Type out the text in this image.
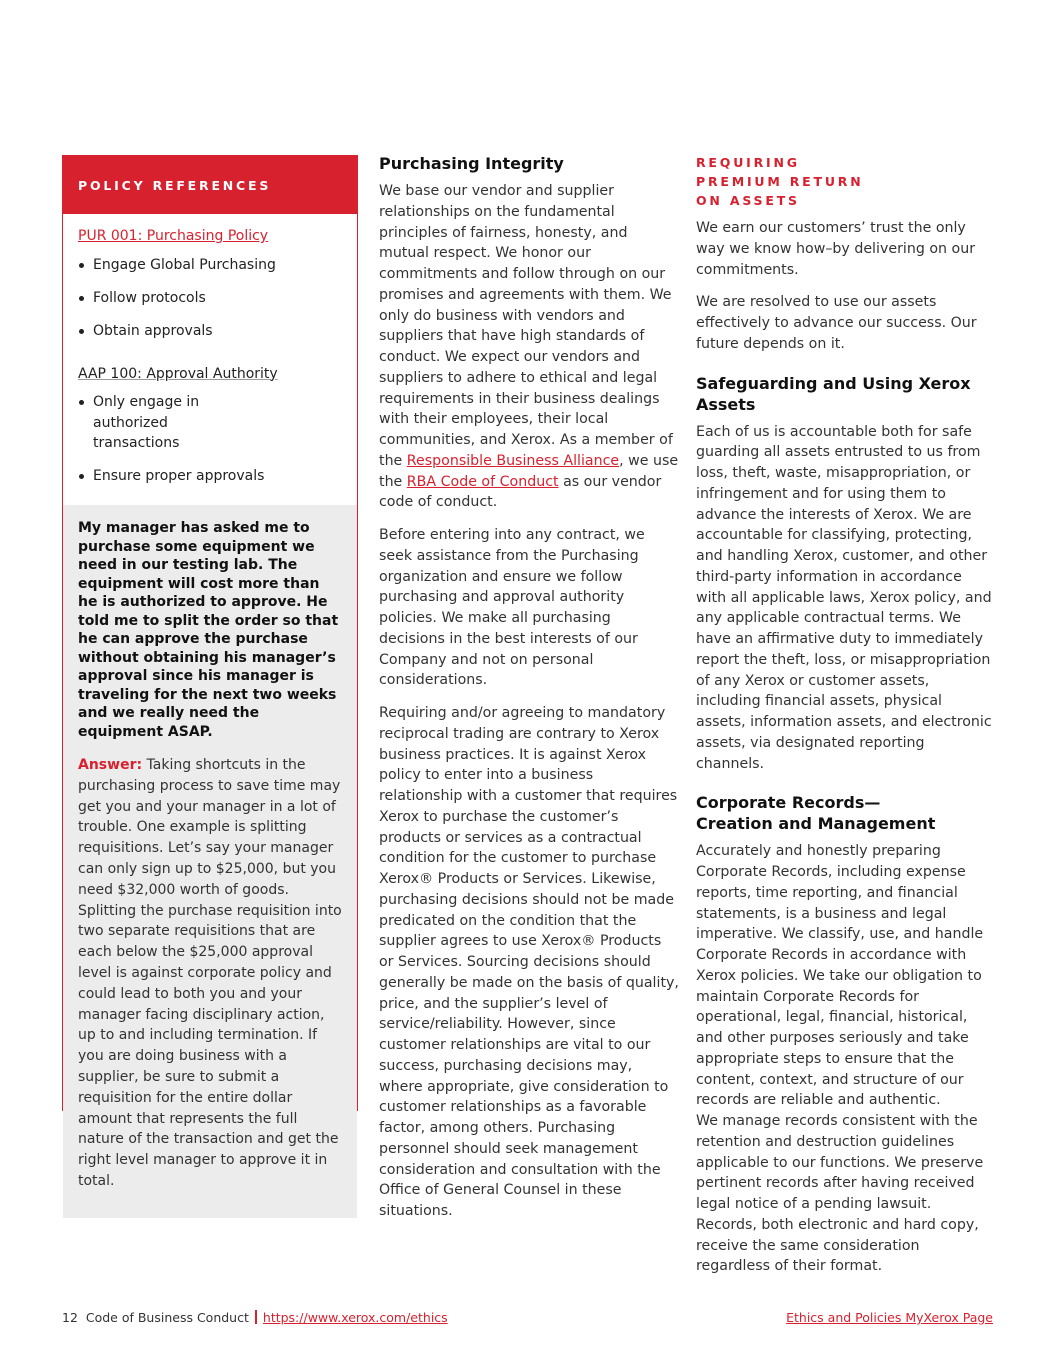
POLICY REFERENCES
PUR 001: Purchasing Policy
Engage Global Purchasing
Follow protocols
Obtain approvals
AAP 100: Approval Authority
Only engage in authorized transactions
Ensure proper approvals

My manager has asked me to purchase some equipment we need in our testing lab. The equipment will cost more than he is authorized to approve. He told me to split the order so that he can approve the purchase without obtaining his manager’s approval since his manager is traveling for the next two weeks and we really need the equipment ASAP.

Answer: Taking shortcuts in the purchasing process to save time may get you and your manager in a lot of trouble. One example is splitting requisitions. Let’s say your manager can only sign up to $25,000, but you need $32,000 worth of goods. Splitting the purchase requisition into two separate requisitions that are each below the $25,000 approval level is against corporate policy and could lead to both you and your manager facing disciplinary action, up to and including termination. If you are doing business with a supplier, be sure to submit a requisition for the entire dollar amount that represents the full nature of the transaction and get the right level manager to approve it in total.

Purchasing Integrity

We base our vendor and supplier relationships on the fundamental principles of fairness, honesty, and mutual respect. We honor our commitments and follow through on our promises and agreements with them. We only do business with vendors and suppliers that have high standards of conduct. We expect our vendors and suppliers to adhere to ethical and legal requirements in their business dealings with their employees, their local communities, and Xerox. As a member of the Responsible Business Alliance, we use the RBA Code of Conduct as our vendor code of conduct.

Before entering into any contract, we seek assistance from the Purchasing organization and ensure we follow purchasing and approval authority policies. We make all purchasing decisions in the best interests of our Company and not on personal considerations.

Requiring and/or agreeing to mandatory reciprocal trading are contrary to Xerox business practices. It is against Xerox policy to enter into a business relationship with a customer that requires Xerox to purchase the customer’s products or services as a contractual condition for the customer to purchase Xerox® Products or Services. Likewise, purchasing decisions should not be made predicated on the condition that the supplier agrees to use Xerox® Products or Services. Sourcing decisions should generally be made on the basis of quality, price, and the supplier’s level of service/reliability. However, since customer relationships are vital to our success, purchasing decisions may, where appropriate, give consideration to customer relationships as a favorable factor, among others. Purchasing personnel should seek management consideration and consultation with the Office of General Counsel in these situations.

REQUIRING PREMIUM RETURN ON ASSETS

We earn our customers’ trust the only way we know how–by delivering on our commitments.

We are resolved to use our assets effectively to advance our success. Our future depends on it.

Safeguarding and Using Xerox Assets

Each of us is accountable both for safe guarding all assets entrusted to us from loss, theft, waste, misappropriation, or infringement and for using them to advance the interests of Xerox. We are accountable for classifying, protecting, and handling Xerox, customer, and other third-party information in accordance with all applicable laws, Xerox policy, and any applicable contractual terms. We have an affirmative duty to immediately report the theft, loss, or misappropriation of any Xerox or customer assets, including financial assets, physical assets, information assets, and electronic assets, via designated reporting channels.

Corporate Records—Creation and Management

Accurately and honestly preparing Corporate Records, including expense reports, time reporting, and financial statements, is a business and legal imperative. We classify, use, and handle Corporate Records in accordance with Xerox policies. We take our obligation to maintain Corporate Records for operational, legal, financial, historical, and other purposes seriously and take appropriate steps to ensure that the content, context, and structure of our records are reliable and authentic.

We manage records consistent with the retention and destruction guidelines applicable to our functions. We preserve pertinent records after having received legal notice of a pending lawsuit. Records, both electronic and hard copy, receive the same consideration regardless of their format.

12 Code of Business Conduct https://www.xerox.com/ethics	Ethics and Policies MyXerox Page
